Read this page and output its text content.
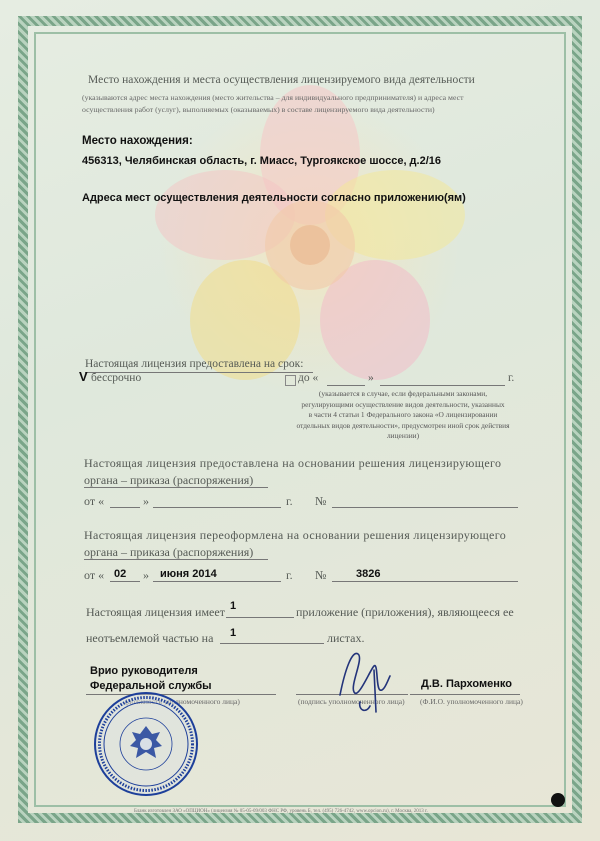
Место нахождения и места осуществления лицензируемого вида деятельности
(указываются адрес места нахождения (место жительства – для индивидуального предпринимателя) и адреса мест
осуществления работ (услуг), выполняемых (оказываемых) в составе лицензируемого вида деятельности)
Место нахождения:
456313, Челябинская область, г. Миасс, Тургоякское шоссе, д.2/16
Адреса мест осуществления деятельности согласно приложению(ям)
Настоящая лицензия предоставлена на срок:
V бессрочно	до «	»	г.
(указывается в случае, если федеральными законами,
регулирующими осуществление видов деятельности, указанных
в части 4 статьи 1 Федерального закона «О лицензировании
отдельных видов деятельности», предусмотрен иной срок действия
лицензии)
Настоящая лицензия предоставлена на основании решения лицензирующего
органа – приказа (распоряжения)
от «	»	г. №
Настоящая лицензия переоформлена на основании решения лицензирующего
органа – приказа (распоряжения)
от « 02 » июня 2014	г. №	3826
Настоящая лицензия имеет 1	приложение (приложения), являющееся ее
неотъемлемой частью на 1	листах.
Врио руководителя
Федеральной службы
(должность уполномоченного лица)	(подпись уполномоченного лица)
Д.В. Пархоменко
(Ф.И.О. уполномоченного лица)
Бланк изготовлен ЗАО «ОПЦИОН» (лицензия № 05-05-09/003 ФНС РФ, уровень Б, тел. (495) 726-4742, www.opcion.ru), г. Москва, 2013 г.
